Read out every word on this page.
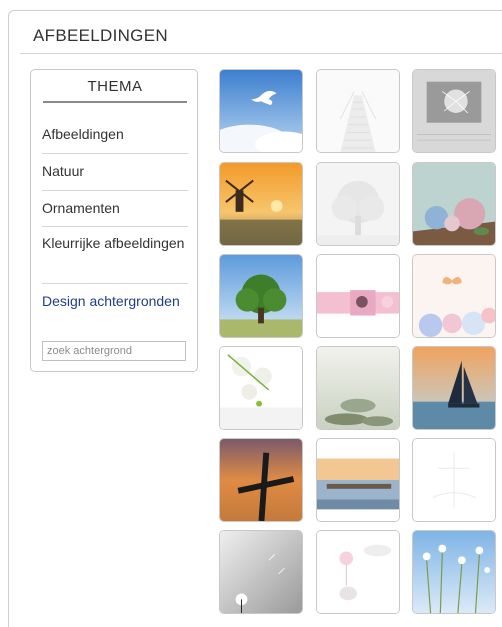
AFBEELDINGEN
THEMA
Afbeeldingen
Natuur
Ornamenten
Kleurrijke afbeeldingen
Design achtergronden
zoek achtergrond
